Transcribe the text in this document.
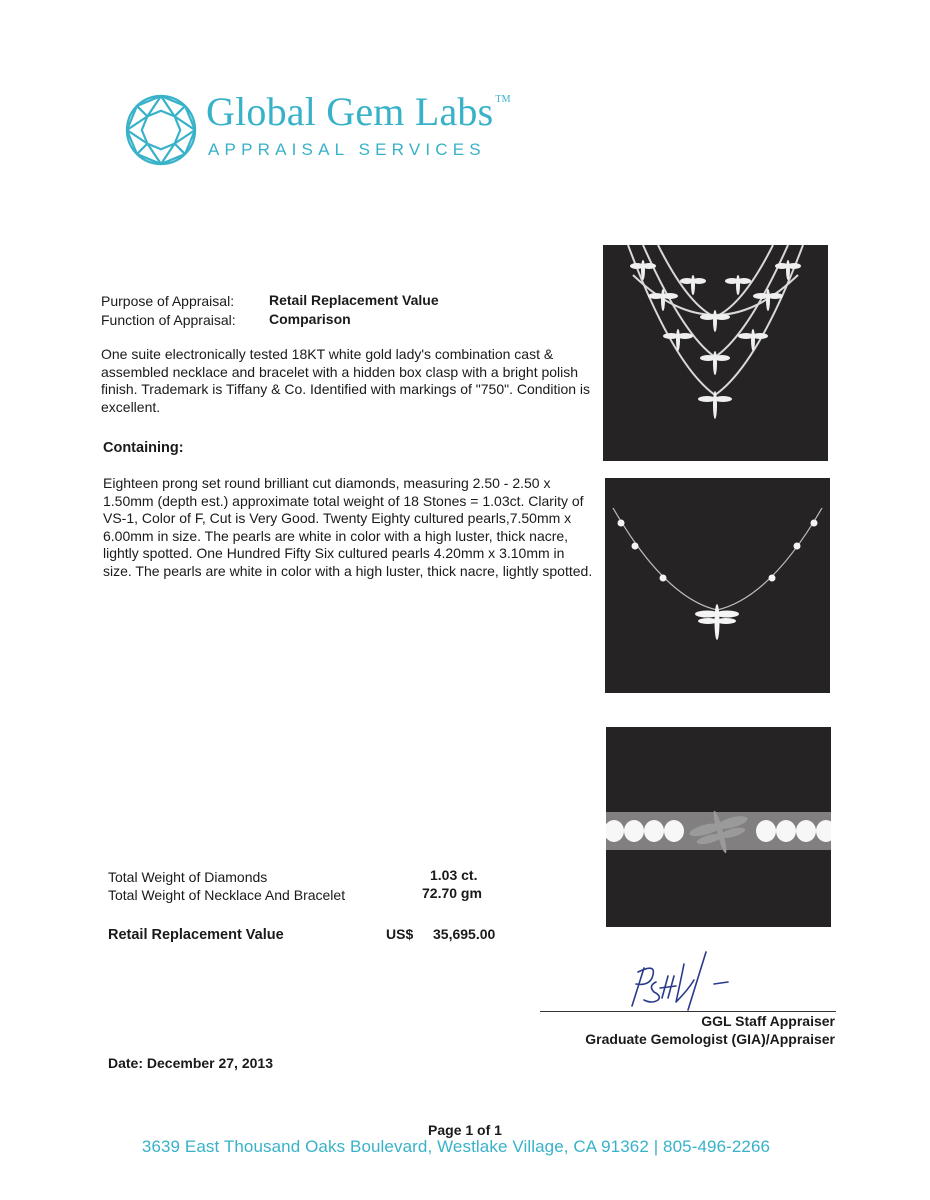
Global Gem Labs ™
APPRAISAL SERVICES
Purpose of Appraisal: Retail Replacement Value
Function of Appraisal: Comparison
One suite electronically tested 18KT white gold lady's combination cast & assembled necklace and bracelet with a hidden box clasp with a bright polish finish. Trademark is Tiffany & Co. Identified with markings of "750". Condition is excellent.
Containing:
Eighteen prong set round brilliant cut diamonds, measuring 2.50 - 2.50 x 1.50mm (depth est.) approximate total weight of 18 Stones = 1.03ct. Clarity of VS-1, Color of F, Cut is Very Good. Twenty Eighty cultured pearls,7.50mm x 6.00mm in size. The pearls are white in color with a high luster, thick nacre, lightly spotted. One Hundred Fifty Six cultured pearls 4.20mm x 3.10mm in size. The pearls are white in color with a high luster, thick nacre, lightly spotted.
Total Weight of Diamonds	1.03 ct.
Total Weight of Necklace And Bracelet	72.70 gm
Retail Replacement Value	US$ 35,695.00
GGL Staff Appraiser
Graduate Gemologist (GIA)/Appraiser
Date: December 27, 2013
Page 1 of 1
3639 East Thousand Oaks Boulevard, Westlake Village, CA 91362 | 805-496-2266
